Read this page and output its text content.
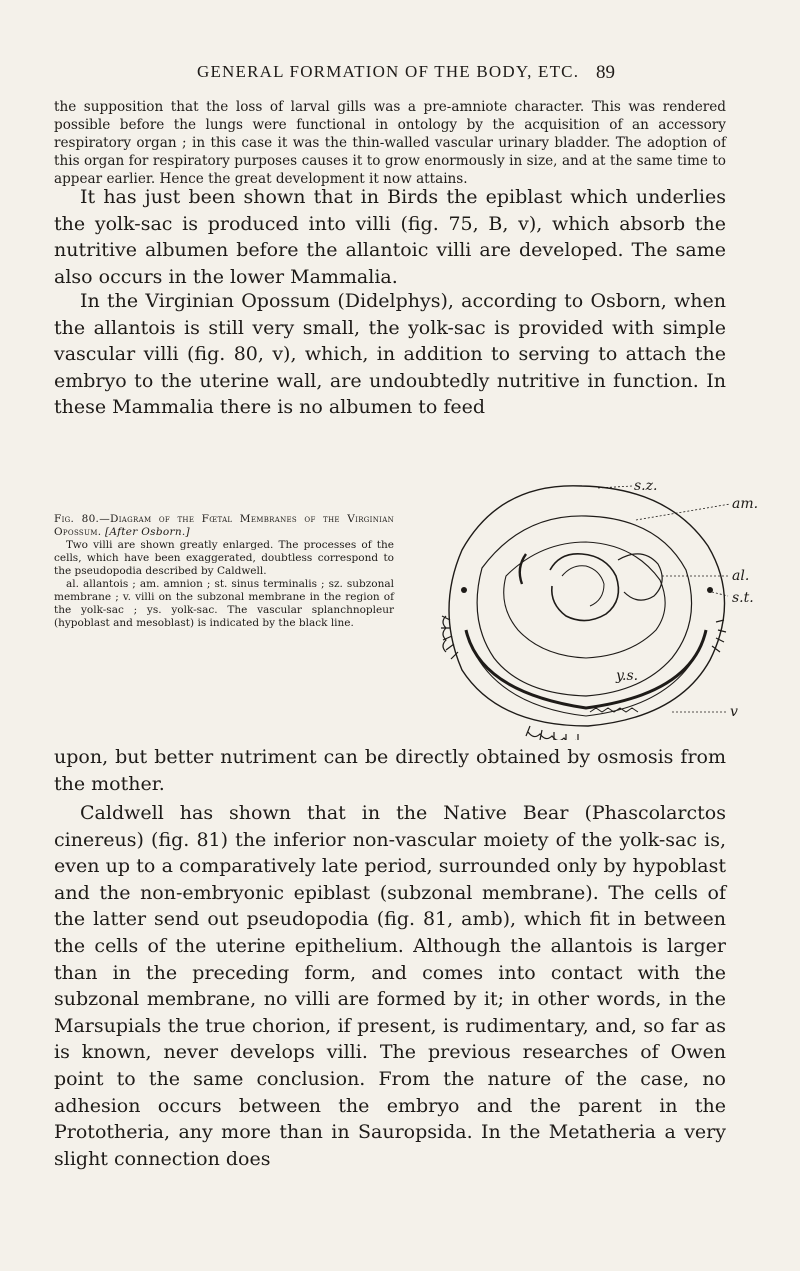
GENERAL FORMATION OF THE BODY, ETC. 89

the supposition that the loss of larval gills was a pre-amniote character. This was rendered possible before the lungs were functional in ontology by the acquisition of an accessory respiratory organ ; in this case it was the thin-walled vascular urinary bladder. The adoption of this organ for respiratory purposes causes it to grow enormously in size, and at the same time to appear earlier. Hence the great development it now attains.

It has just been shown that in Birds the epiblast which underlies the yolk-sac is produced into villi (fig. 75, B, v), which absorb the nutritive albumen before the allantoic villi are developed. The same also occurs in the lower Mammalia.

In the Virginian Opossum (Didelphys), according to Osborn, when the allantois is still very small, the yolk-sac is provided with simple vascular villi (fig. 80, v), which, in addition to serving to attach the embryo to the uterine wall, are undoubtedly nutritive in function. In these Mammalia there is no albumen to feed

Fig. 80.—Diagram of the Fœtal Membranes of the Virginian Opossum. [After Osborn.]
Two villi are shown greatly enlarged. The processes of the cells, which have been exaggerated, doubtless correspond to the pseudopodia described by Caldwell.
al. allantois ; am. amnion ; st. sinus terminalis ; sz. subzonal membrane ; v. villi on the subzonal membrane in the region of the yolk-sac ; ys. yolk-sac. The vascular splanchnopleur (hypoblast and mesoblast) is indicated by the black line.
s.z.
am.
al.
s.t.
y.s.
v

upon, but better nutriment can be directly obtained by osmosis from the mother.

Caldwell has shown that in the Native Bear (Phascolarctos cinereus) (fig. 81) the inferior non-vascular moiety of the yolk-sac is, even up to a comparatively late period, surrounded only by hypoblast and the non-embryonic epiblast (subzonal membrane). The cells of the latter send out pseudopodia (fig. 81, amb), which fit in between the cells of the uterine epithelium. Although the allantois is larger than in the preceding form, and comes into contact with the subzonal membrane, no villi are formed by it; in other words, in the Marsupials the true chorion, if present, is rudimentary, and, so far as is known, never develops villi. The previous researches of Owen point to the same conclusion. From the nature of the case, no adhesion occurs between the embryo and the parent in the Prototheria, any more than in Sauropsida. In the Metatheria a very slight connection does
